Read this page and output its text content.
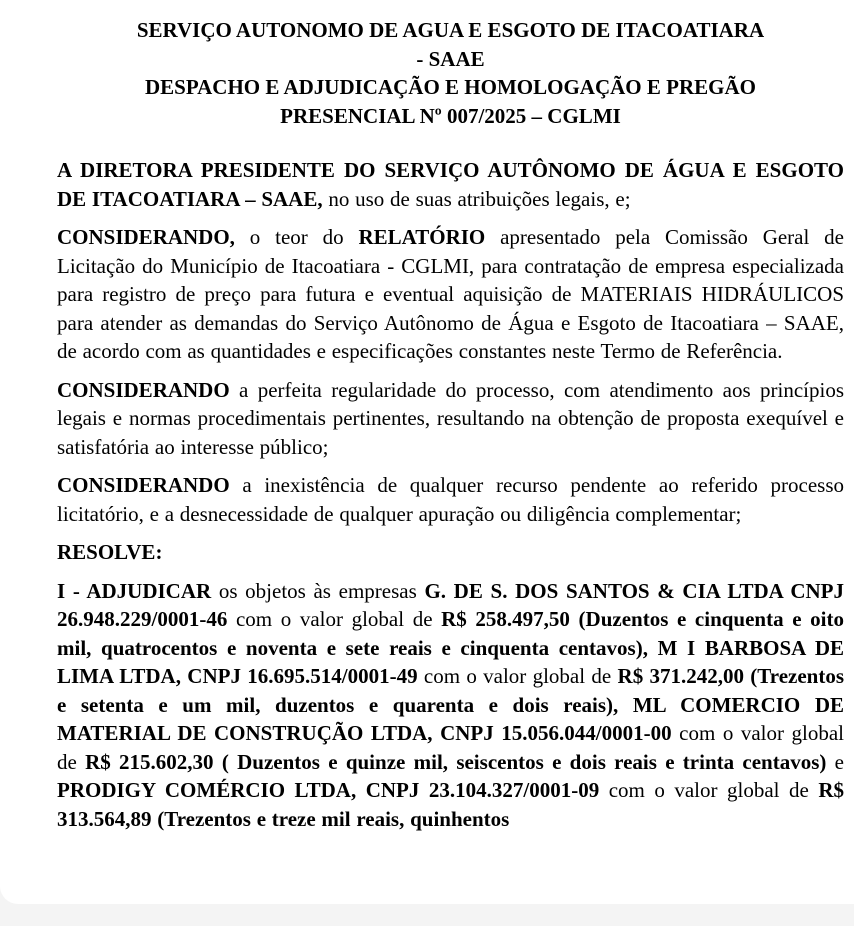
SERVIÇO AUTONOMO DE AGUA E ESGOTO DE ITACOATIARA
- SAAE
DESPACHO E ADJUDICAÇÃO E HOMOLOGAÇÃO E PREGÃO
PRESENCIAL Nº 007/2025 – CGLMI

A DIRETORA PRESIDENTE DO SERVIÇO AUTÔNOMO DE ÁGUA E ESGOTO DE ITACOATIARA – SAAE, no uso de suas atribuições legais, e;

CONSIDERANDO, o teor do RELATÓRIO apresentado pela Comissão Geral de Licitação do Município de Itacoatiara - CGLMI, para contratação de empresa especializada para registro de preço para futura e eventual aquisição de MATERIAIS HIDRÁULICOS para atender as demandas do Serviço Autônomo de Água e Esgoto de Itacoatiara – SAAE, de acordo com as quantidades e especificações constantes neste Termo de Referência.

CONSIDERANDO a perfeita regularidade do processo, com atendimento aos princípios legais e normas procedimentais pertinentes, resultando na obtenção de proposta exequível e satisfatória ao interesse público;

CONSIDERANDO a inexistência de qualquer recurso pendente ao referido processo licitatório, e a desnecessidade de qualquer apuração ou diligência complementar;

RESOLVE:

I - ADJUDICAR os objetos às empresas G. DE S. DOS SANTOS & CIA LTDA CNPJ 26.948.229/0001-46 com o valor global de R$ 258.497,50 (Duzentos e cinquenta e oito mil, quatrocentos e noventa e sete reais e cinquenta centavos), M I BARBOSA DE LIMA LTDA, CNPJ 16.695.514/0001-49 com o valor global de R$ 371.242,00 (Trezentos e setenta e um mil, duzentos e quarenta e dois reais), ML COMERCIO DE MATERIAL DE CONSTRUÇÃO LTDA, CNPJ 15.056.044/0001-00 com o valor global de R$ 215.602,30 ( Duzentos e quinze mil, seiscentos e dois reais e trinta centavos) e PRODIGY COMÉRCIO LTDA, CNPJ 23.104.327/0001-09 com o valor global de R$ 313.564,89 (Trezentos e treze mil reais, quinhentos
